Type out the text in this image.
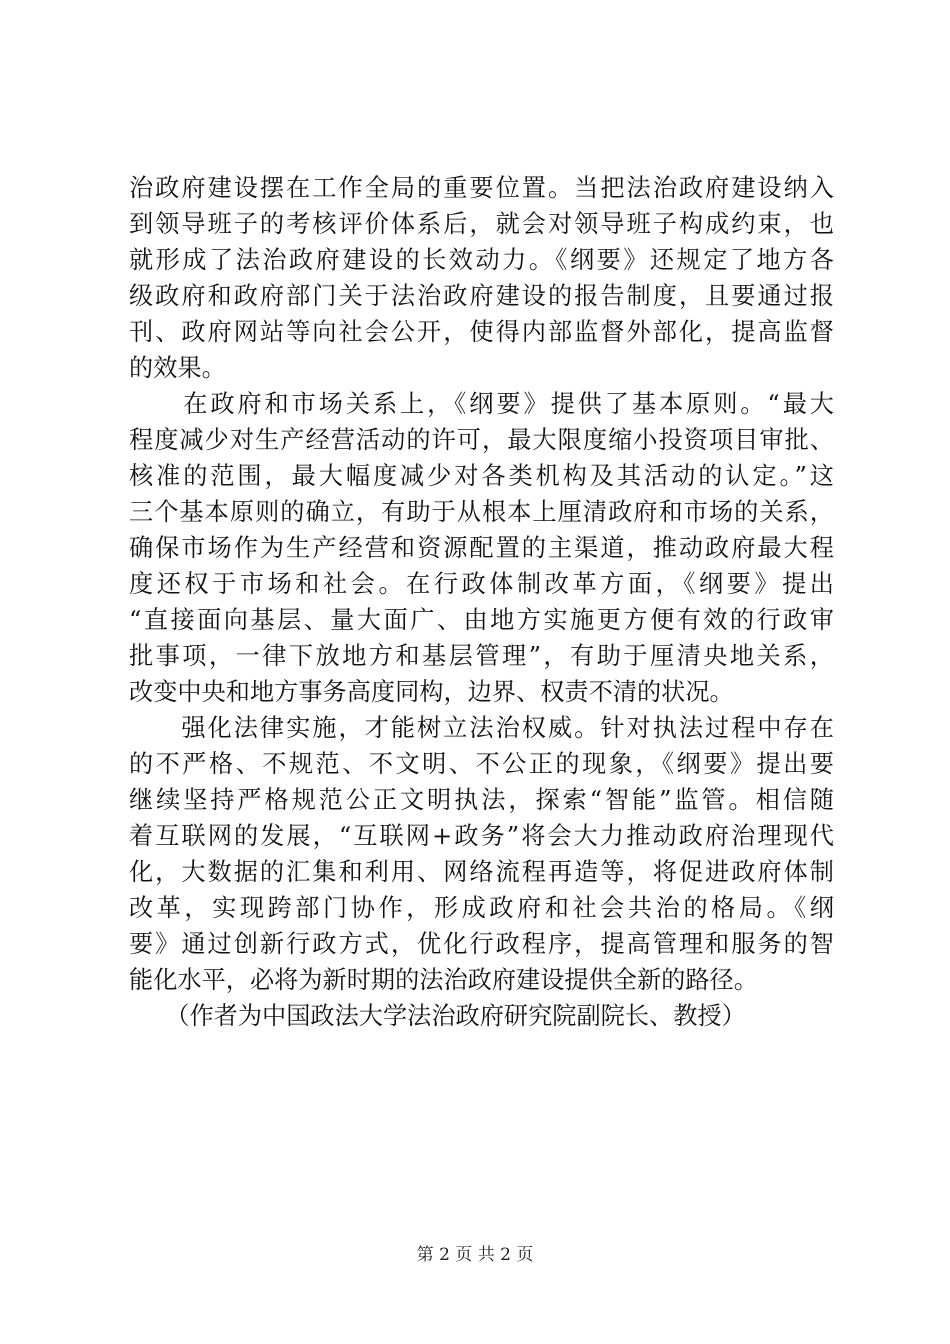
治政府建设摆在工作全局的重要位置。当把法治政府建设纳入
到领导班子的考核评价体系后，就会对领导班子构成约束，也
就形成了法治政府建设的长效动力。《纲要》还规定了地方各
级政府和政府部门关于法治政府建设的报告制度，且要通过报
刊、政府网站等向社会公开，使得内部监督外部化，提高监督
的效果。
　　在政府和市场关系上，《纲要》提供了基本原则。“最大
程度减少对生产经营活动的许可，最大限度缩小投资项目审批、
核准的范围，最大幅度减少对各类机构及其活动的认定。”这
三个基本原则的确立，有助于从根本上厘清政府和市场的关系，
确保市场作为生产经营和资源配置的主渠道，推动政府最大程
度还权于市场和社会。在行政体制改革方面，《纲要》提出
“直接面向基层、量大面广、由地方实施更方便有效的行政审
批事项，一律下放地方和基层管理”，有助于厘清央地关系，
改变中央和地方事务高度同构，边界、权责不清的状况。
　　强化法律实施，才能树立法治权威。针对执法过程中存在
的不严格、不规范、不文明、不公正的现象，《纲要》提出要
继续坚持严格规范公正文明执法，探索“智能”监管。相信随
着互联网的发展，“互联网+政务”将会大力推动政府治理现代
化，大数据的汇集和利用、网络流程再造等，将促进政府体制
改革，实现跨部门协作，形成政府和社会共治的格局。《纲
要》通过创新行政方式，优化行政程序，提高管理和服务的智
能化水平，必将为新时期的法治政府建设提供全新的路径。
　　（作者为中国政法大学法治政府研究院副院长、教授）
第 2 页 共 2 页
